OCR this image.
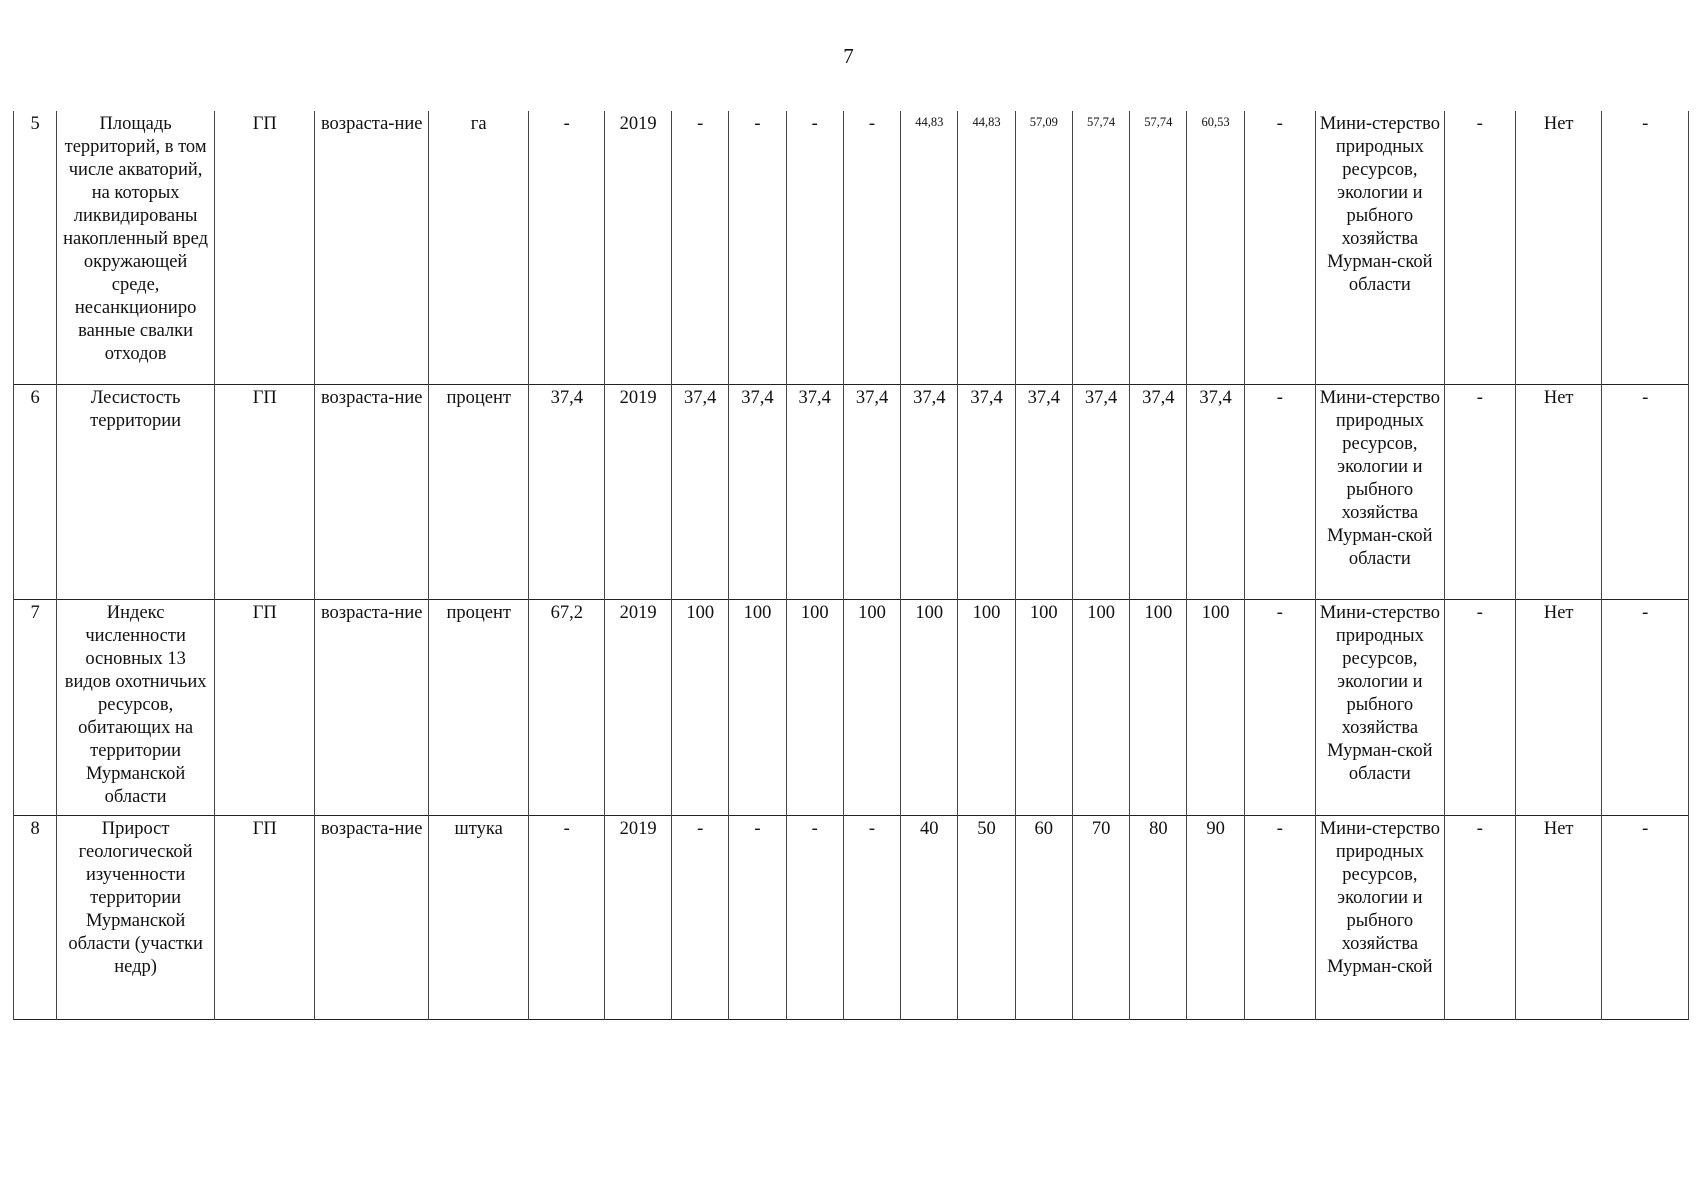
7
5	Площадь территорий, в том числе акваторий, на которых ликвидированы накопленный вред окружающей среде, несанкциониро ванные свалки отходов	ГП	возраста-ние	га	-	2019	-	-	-	-	44,83	44,83	57,09	57,74	57,74	60,53	-	Мини-стерство природных ресурсов, экологии и рыбного хозяйства Мурман-ской области	-	Нет	-
6	Лесистость территории	ГП	возраста-ние	процент	37,4	2019	37,4	37,4	37,4	37,4	37,4	37,4	37,4	37,4	37,4	37,4	-	Мини-стерство природных ресурсов, экологии и рыбного хозяйства Мурман-ской области	-	Нет	-
7	Индекс численности основных 13 видов охотничьих ресурсов, обитающих на территории Мурманской области	ГП	возраста-ние	процент	67,2	2019	100	100	100	100	100	100	100	100	100	100	-	Мини-стерство природных ресурсов, экологии и рыбного хозяйства Мурман-ской области	-	Нет	-
8	Прирост геологической изученности территории Мурманской области (участки недр)	ГП	возраста-ние	штука	-	2019	-	-	-	-	40	50	60	70	80	90	-	Мини-стерство природных ресурсов, экологии и рыбного хозяйства Мурман-ской	-	Нет	-
